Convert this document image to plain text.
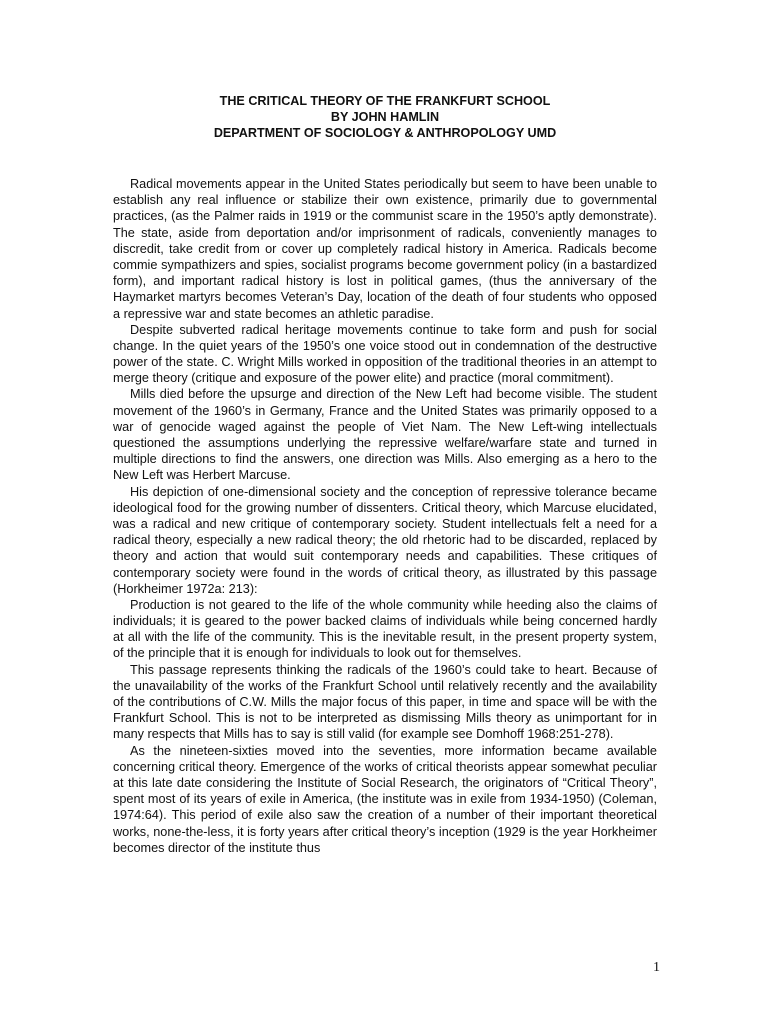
THE CRITICAL THEORY OF THE FRANKFURT SCHOOL
BY JOHN HAMLIN
DEPARTMENT OF SOCIOLOGY & ANTHROPOLOGY UMD

Radical movements appear in the United States periodically but seem to have been unable to establish any real influence or stabilize their own existence, primarily due to governmental practices, (as the Palmer raids in 1919 or the communist scare in the 1950’s aptly demonstrate). The state, aside from deportation and/or imprisonment of radicals, conveniently manages to discredit, take credit from or cover up completely radical history in America. Radicals become commie sympathizers and spies, socialist programs become government policy (in a bastardized form), and important radical history is lost in political games, (thus the anniversary of the Haymarket martyrs becomes Veteran’s Day, location of the death of four students who opposed a repressive war and state becomes an athletic paradise.

Despite subverted radical heritage movements continue to take form and push for social change. In the quiet years of the 1950’s one voice stood out in condemnation of the destructive power of the state. C. Wright Mills worked in opposition of the traditional theories in an attempt to merge theory (critique and exposure of the power elite) and practice (moral commitment).

Mills died before the upsurge and direction of the New Left had become visible. The student movement of the 1960’s in Germany, France and the United States was primarily opposed to a war of genocide waged against the people of Viet Nam. The New Left-wing intellectuals questioned the assumptions underlying the repressive welfare/warfare state and turned in multiple directions to find the answers, one direction was Mills. Also emerging as a hero to the New Left was Herbert Marcuse.

His depiction of one-dimensional society and the conception of repressive tolerance became ideological food for the growing number of dissenters. Critical theory, which Marcuse elucidated, was a radical and new critique of contemporary society. Student intellectuals felt a need for a radical theory, especially a new radical theory; the old rhetoric had to be discarded, replaced by theory and action that would suit contemporary needs and capabilities. These critiques of contemporary society were found in the words of critical theory, as illustrated by this passage (Horkheimer 1972a: 213):

Production is not geared to the life of the whole community while heeding also the claims of individuals; it is geared to the power backed claims of individuals while being concerned hardly at all with the life of the community. This is the inevitable result, in the present property system, of the principle that it is enough for individuals to look out for themselves.

This passage represents thinking the radicals of the 1960’s could take to heart. Because of the unavailability of the works of the Frankfurt School until relatively recently and the availability of the contributions of C.W. Mills the major focus of this paper, in time and space will be with the Frankfurt School. This is not to be interpreted as dismissing Mills theory as unimportant for in many respects that Mills has to say is still valid (for example see Domhoff 1968:251-278).

As the nineteen-sixties moved into the seventies, more information became available concerning critical theory. Emergence of the works of critical theorists appear somewhat peculiar at this late date considering the Institute of Social Research, the originators of “Critical Theory”, spent most of its years of exile in America, (the institute was in exile from 1934-1950) (Coleman, 1974:64). This period of exile also saw the creation of a number of their important theoretical works, none-the-less, it is forty years after critical theory’s inception (1929 is the year Horkheimer becomes director of the institute thus

1
